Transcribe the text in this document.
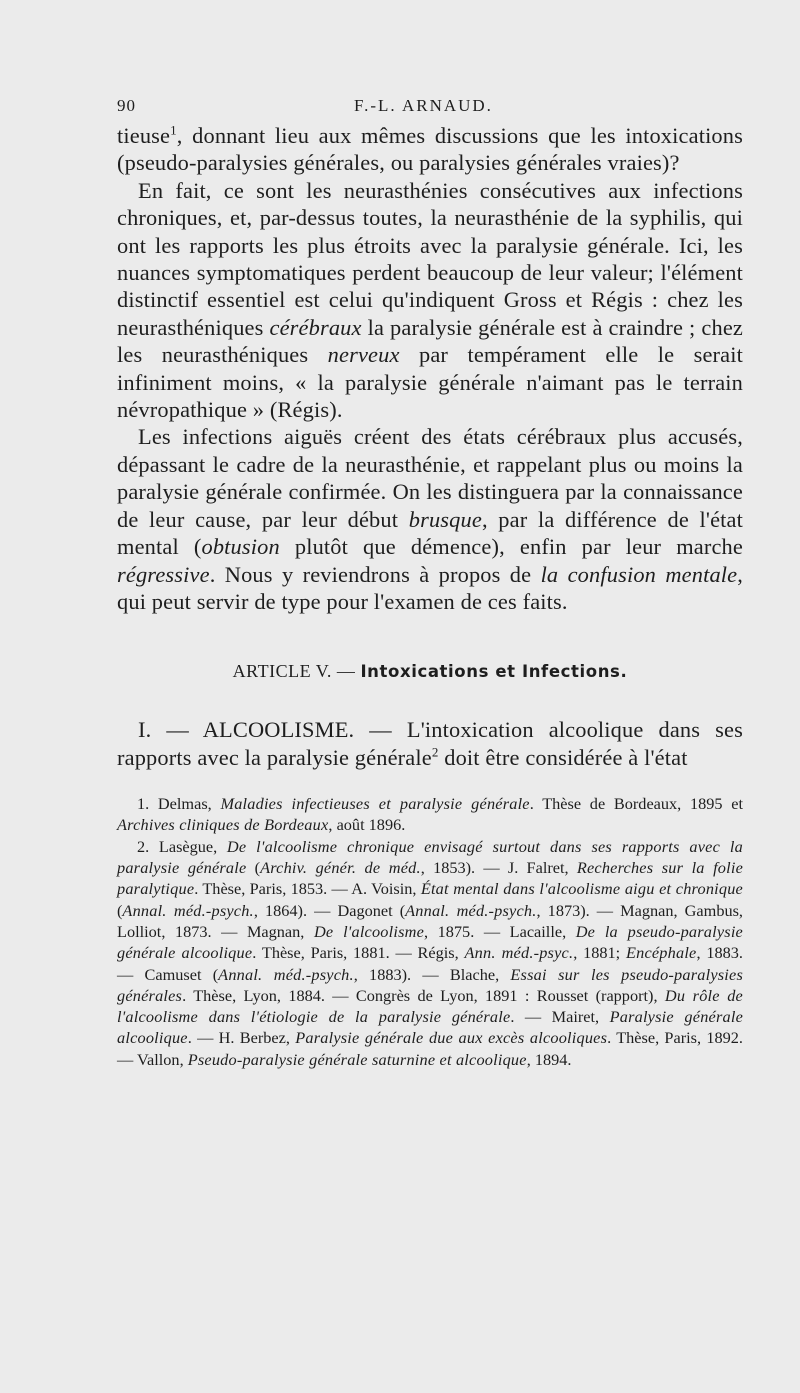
90	F.-L. ARNAUD.

tieuse$^1$, donnant lieu aux mêmes discussions que les intoxications (pseudo-paralysies générales, ou paralysies générales vraies)?

En fait, ce sont les neurasthénies consécutives aux infections chroniques, et, par-dessus toutes, la neurasthénie de la syphilis, qui ont les rapports les plus étroits avec la paralysie générale. Ici, les nuances symptomatiques perdent beaucoup de leur valeur; l'élément distinctif essentiel est celui qu'indiquent Gross et Régis : chez les neurasthéniques cérébraux la paralysie générale est à craindre ; chez les neurasthéniques nerveux par tempérament elle le serait infiniment moins, « la paralysie générale n'aimant pas le terrain névropathique » (Régis).

Les infections aiguës créent des états cérébraux plus accusés, dépassant le cadre de la neurasthénie, et rappelant plus ou moins la paralysie générale confirmée. On les distinguera par la connaissance de leur cause, par leur début brusque, par la différence de l'état mental (obtusion plutôt que démence), enfin par leur marche régressive. Nous y reviendrons à propos de la confusion mentale, qui peut servir de type pour l'examen de ces faits.

ARTICLE V. — Intoxications et Infections.

I. — ALCOOLISME. — L'intoxication alcoolique dans ses rapports avec la paralysie générale$^2$ doit être considérée à l'état

1. Delmas, Maladies infectieuses et paralysie générale. Thèse de Bordeaux, 1895 et Archives cliniques de Bordeaux, août 1896.

2. Lasègue, De l'alcoolisme chronique envisagé surtout dans ses rapports avec la paralysie générale (Archiv. génér. de méd., 1853). — J. Falret, Recherches sur la folie paralytique. Thèse, Paris, 1853. — A. Voisin, État mental dans l'alcoolisme aigu et chronique (Annal. méd.-psych., 1864). — Dagonet (Annal. méd.-psych., 1873). — Magnan, Gambus, Lolliot, 1873. — Magnan, De l'alcoolisme, 1875. — Lacaille, De la pseudo-paralysie générale alcoolique. Thèse, Paris, 1881. — Régis, Ann. méd.-psyc., 1881; Encéphale, 1883. — Camuset (Annal. méd.-psych., 1883). — Blache, Essai sur les pseudo-paralysies générales. Thèse, Lyon, 1884. — Congrès de Lyon, 1891 : Rousset (rapport), Du rôle de l'alcoolisme dans l'étiologie de la paralysie générale. — Mairet, Paralysie générale alcoolique. — H. Berbez, Paralysie générale due aux excès alcooliques. Thèse, Paris, 1892. — Vallon, Pseudo-paralysie générale saturnine et alcoolique, 1894.
